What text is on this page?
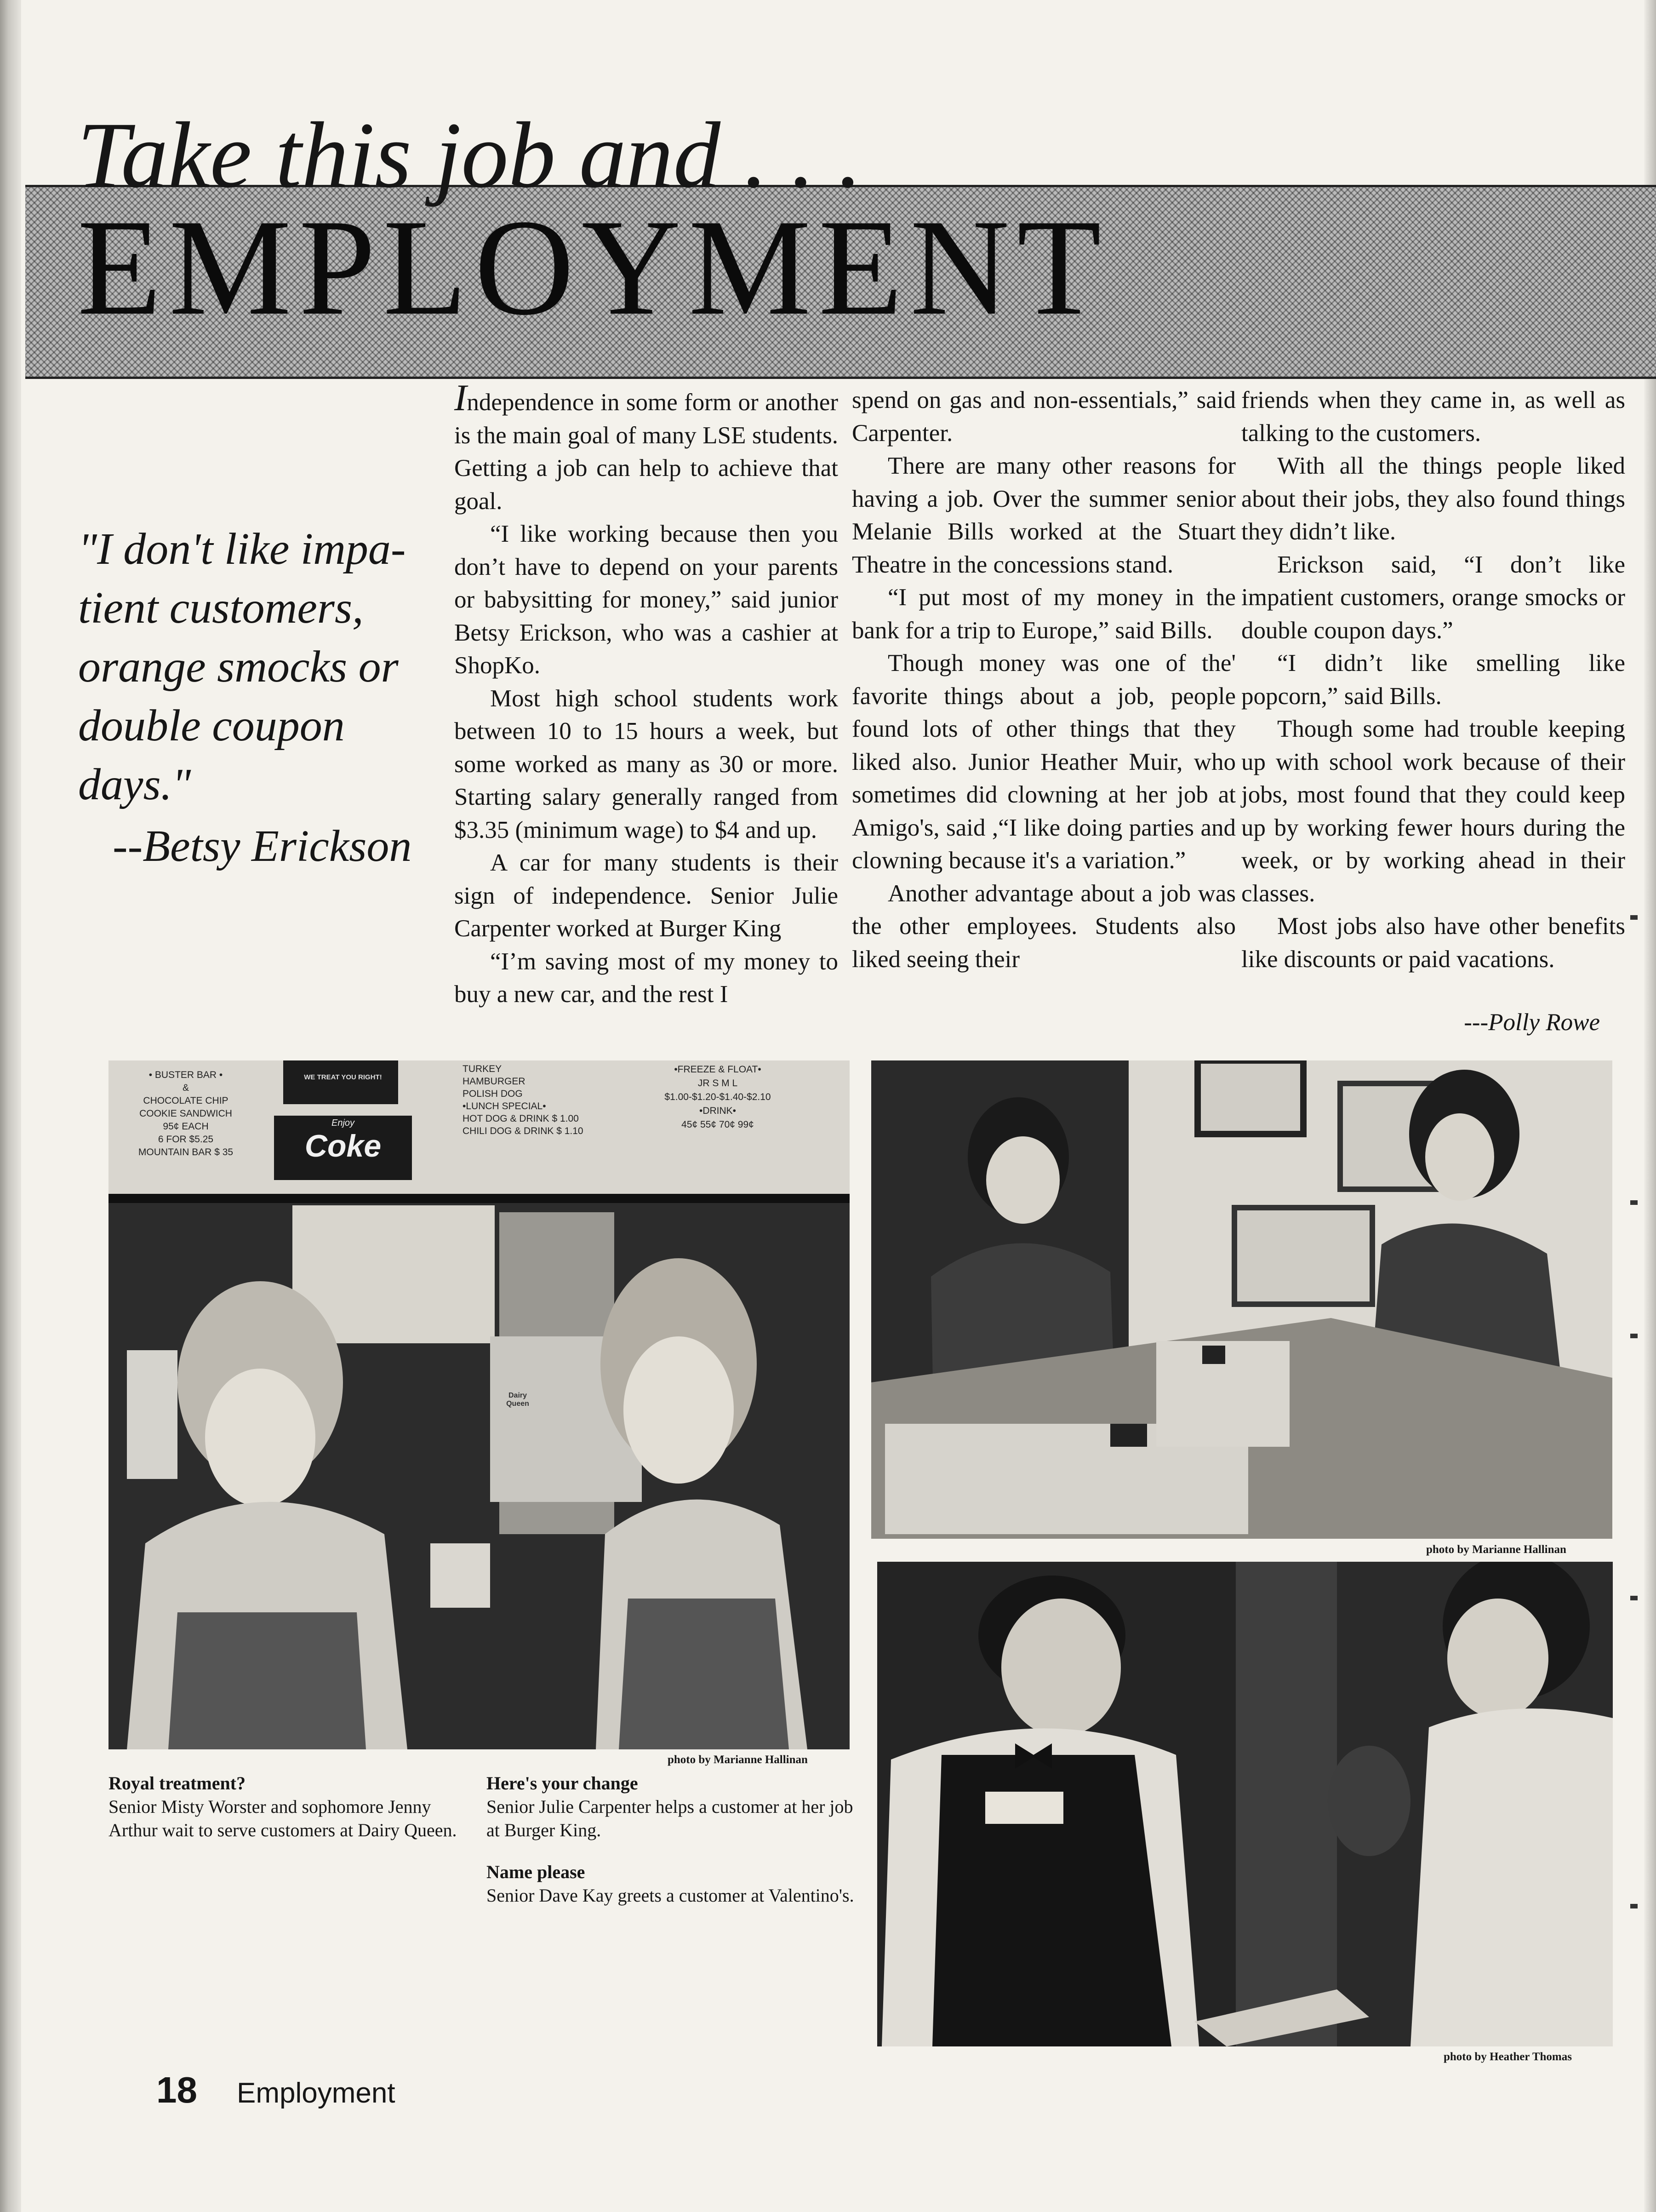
Take this job and . . .
EMPLOYMENT

"I don't like impa-tient customers, orange smocks or double coupon days."

--Betsy Erickson

Independence in some form or another is the main goal of many LSE students. Getting a job can help to achieve that goal.

“I like working because then you don’t have to depend on your parents or babysitting for money,” said junior Betsy Erickson, who was a cashier at ShopKo.

Most high school students work between 10 to 15 hours a week, but some worked as many as 30 or more. Starting salary generally ranged from $3.35 (minimum wage) to $4 and up.

A car for many students is their sign of independence. Senior Julie Carpenter worked at Burger King

“I’m saving most of my money to buy a new car, and the rest I

spend on gas and non-essentials,” said Carpenter.

There are many other reasons for having a job. Over the summer senior Melanie Bills worked at the Stuart Theatre in the concessions stand.

“I put most of my money in the bank for a trip to Europe,” said Bills.

Though money was one of the' favorite things about a job, people found lots of other things that they liked also. Junior Heather Muir, who sometimes did clowning at her job at Amigo's, said ,“I like doing parties and clowning because it's a variation.”

Another advantage about a job was the other employees. Students also liked seeing their

friends when they came in, as well as talking to the customers.

With all the things people liked about their jobs, they also found things they didn’t like.

Erickson said, “I don’t like impatient customers, orange smocks or double coupon days.”

“I didn’t like smelling like popcorn,” said Bills.

Though some had trouble keeping up with school work because of their jobs, most found that they could keep up by working fewer hours during the week, or by working ahead in their classes.

Most jobs also have other benefits like discounts or paid vacations.

---Polly Rowe
• BUSTER BAR •
&
CHOCOLATE CHIP
COOKIE SANDWICH
95¢ EACH
6 FOR $5.25
MOUNTAIN BAR $ 35
WE TREAT YOU RIGHT!
Enjoy
Coke
TURKEY
HAMBURGER
POLISH DOG
•LUNCH SPECIAL•
HOT DOG & DRINK $ 1.00
CHILI DOG & DRINK $ 1.10
•FREEZE & FLOAT•
JR S M L
$1.00-$1.20-$1.40-$2.10
•DRINK•
45¢ 55¢ 70¢ 99¢
Dairy Queen
photo by Marianne Hallinan
photo by Marianne Hallinan
photo by Heather Thomas
Royal treatment?
Senior Misty Worster and sophomore Jenny Arthur wait to serve customers at Dairy Queen.
Here's your change
Senior Julie Carpenter helps a customer at her job at Burger King.
Name please
Senior Dave Kay greets a customer at Valentino's.
18 Employment
